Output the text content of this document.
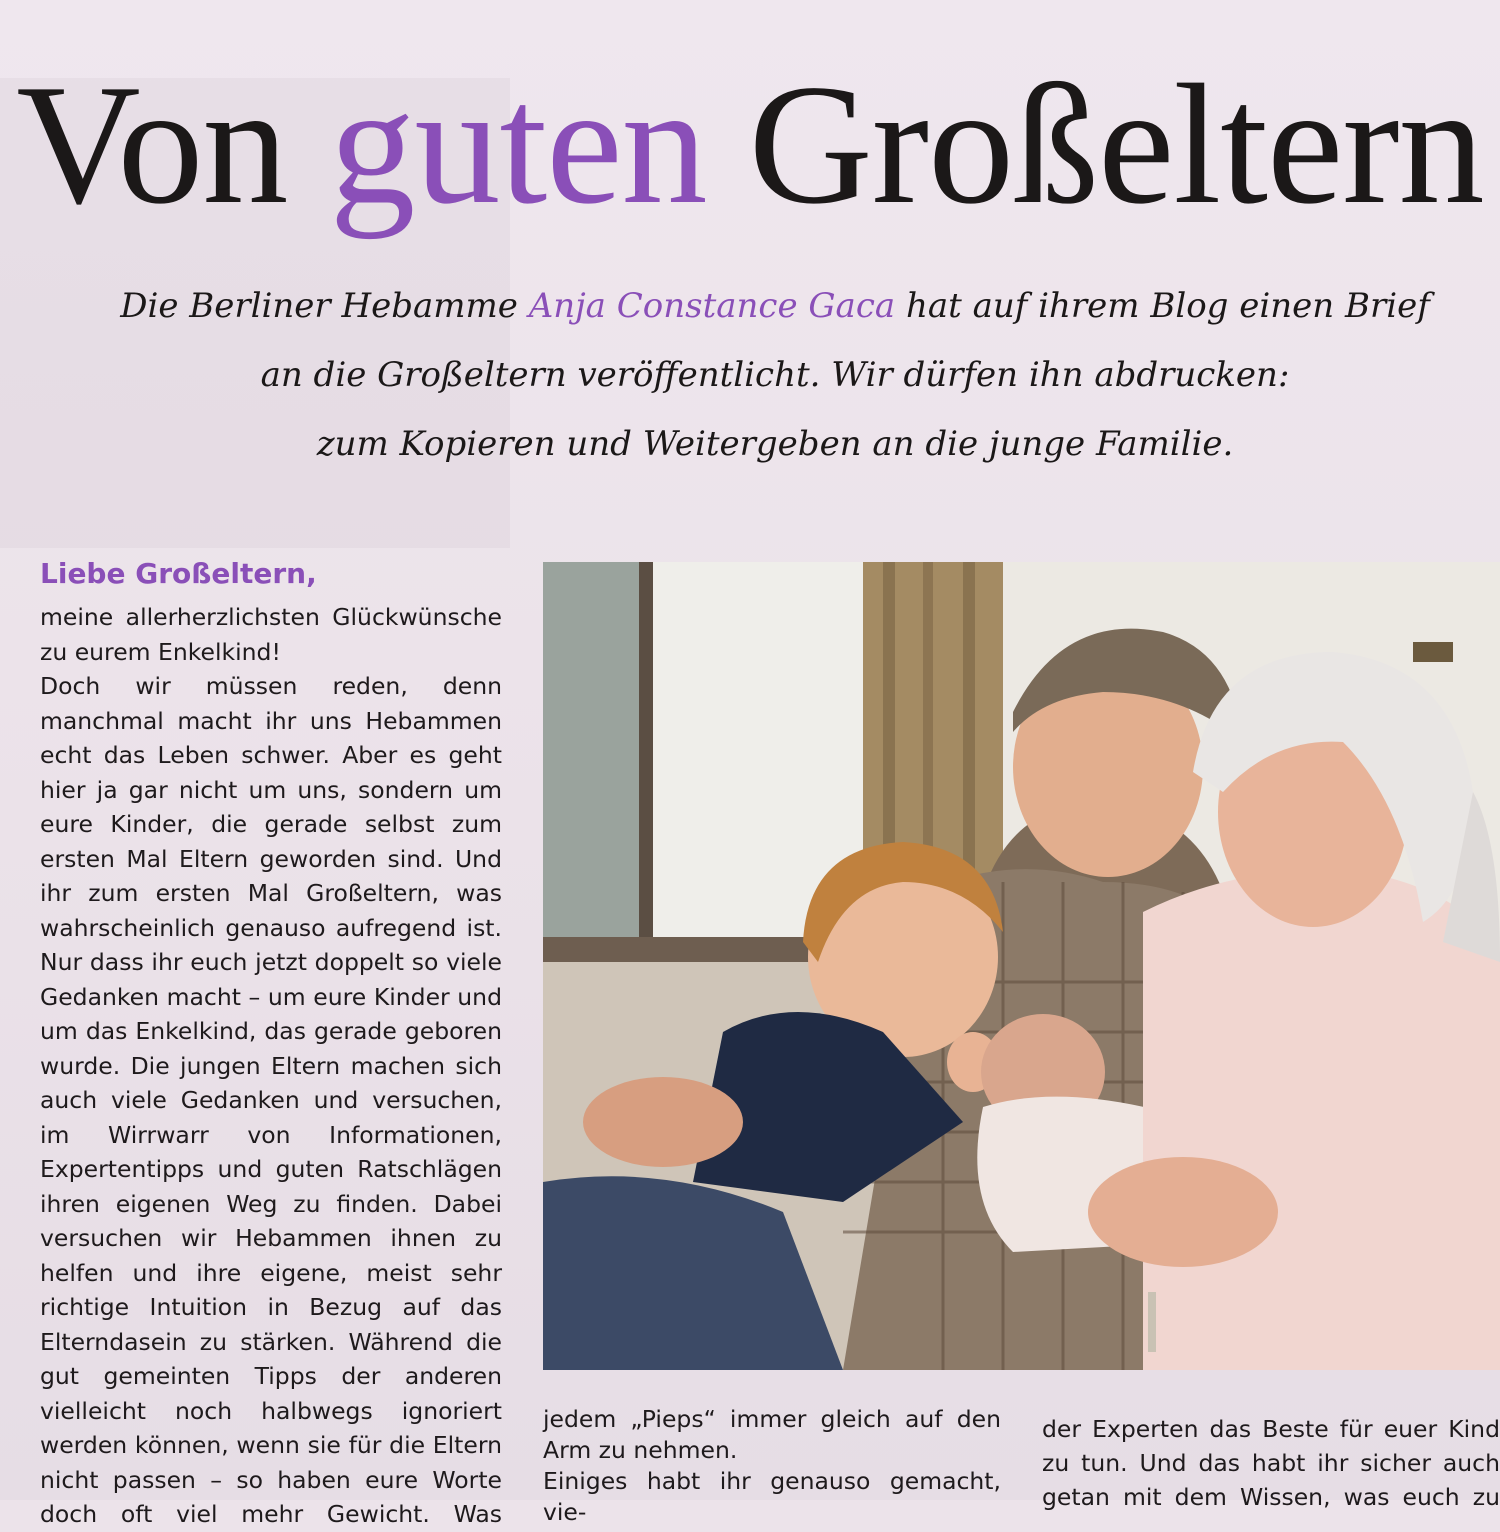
Von guten Großeltern
Die Berliner Hebamme Anja Constance Gaca hat auf ihrem Blog einen Brief
an die Großeltern veröffentlicht. Wir dürfen ihn abdrucken:
zum Kopieren und Weitergeben an die junge Familie.
Liebe Großeltern,

meine allerherzlichsten Glückwünsche zu eurem Enkelkind!

Doch wir müssen reden, denn manchmal macht ihr uns Hebammen echt das Leben schwer. Aber es geht hier ja gar nicht um uns, sondern um eure Kinder, die gerade selbst zum ersten Mal Eltern geworden sind. Und ihr zum ersten Mal Großeltern, was wahrscheinlich genauso aufregend ist. Nur dass ihr euch jetzt doppelt so viele Gedanken macht – um eure Kinder und um das Enkelkind, das gerade geboren wurde. Die jungen Eltern machen sich auch viele Gedanken und versuchen, im Wirrwarr von Informationen, Expertentipps und guten Ratschlägen ihren eigenen Weg zu finden. Dabei versuchen wir Hebammen ihnen zu helfen und ihre eigene, meist sehr richtige Intuition in Bezug auf das Elterndasein zu stärken. Während die gut gemeinten Tipps der anderen vielleicht noch halbwegs ignoriert werden können, wenn sie für die Eltern nicht passen – so haben eure Worte doch oft viel mehr Gewicht. Was

jedem „Pieps“ immer gleich auf den Arm zu nehmen.

Einiges habt ihr genauso gemacht, vie-

der Experten das Beste für euer Kind zu tun. Und das habt ihr sicher auch getan mit dem Wissen, was euch zu
